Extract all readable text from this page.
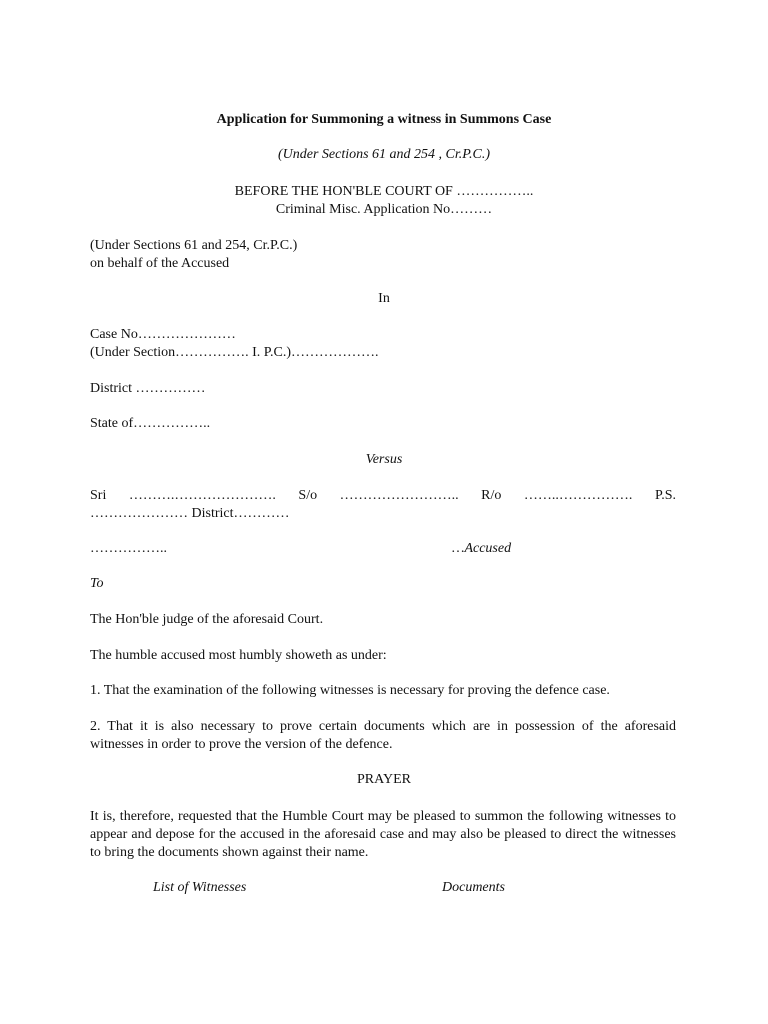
Application for Summoning a witness in Summons Case
(Under Sections 61 and 254 , Cr.P.C.)
BEFORE THE HON'BLE COURT OF ……………..
Criminal Misc. Application No………
(Under Sections 61 and 254, Cr.P.C.)
on behalf of the Accused
In
Case No…………………
(Under Section……………. I. P.C.)……………….
District ……………
State of……………..
Versus
Sri ……….…………………. S/o …………………….. R/o ……..……………. P.S.
………………… District…………
……………..	…Accused
To
The Hon'ble judge of the aforesaid Court.
The humble accused most humbly showeth as under:
1. That the examination of the following witnesses is necessary for proving the defence case.
2. That it is also necessary to prove certain documents which are in possession of the aforesaid witnesses in order to prove the version of the defence.
PRAYER
It is, therefore, requested that the Humble Court may be pleased to summon the following witnesses to appear and depose for the accused in the aforesaid case and may also be pleased to direct the witnesses to bring the documents shown against their name.
List of Witnesses	Documents
